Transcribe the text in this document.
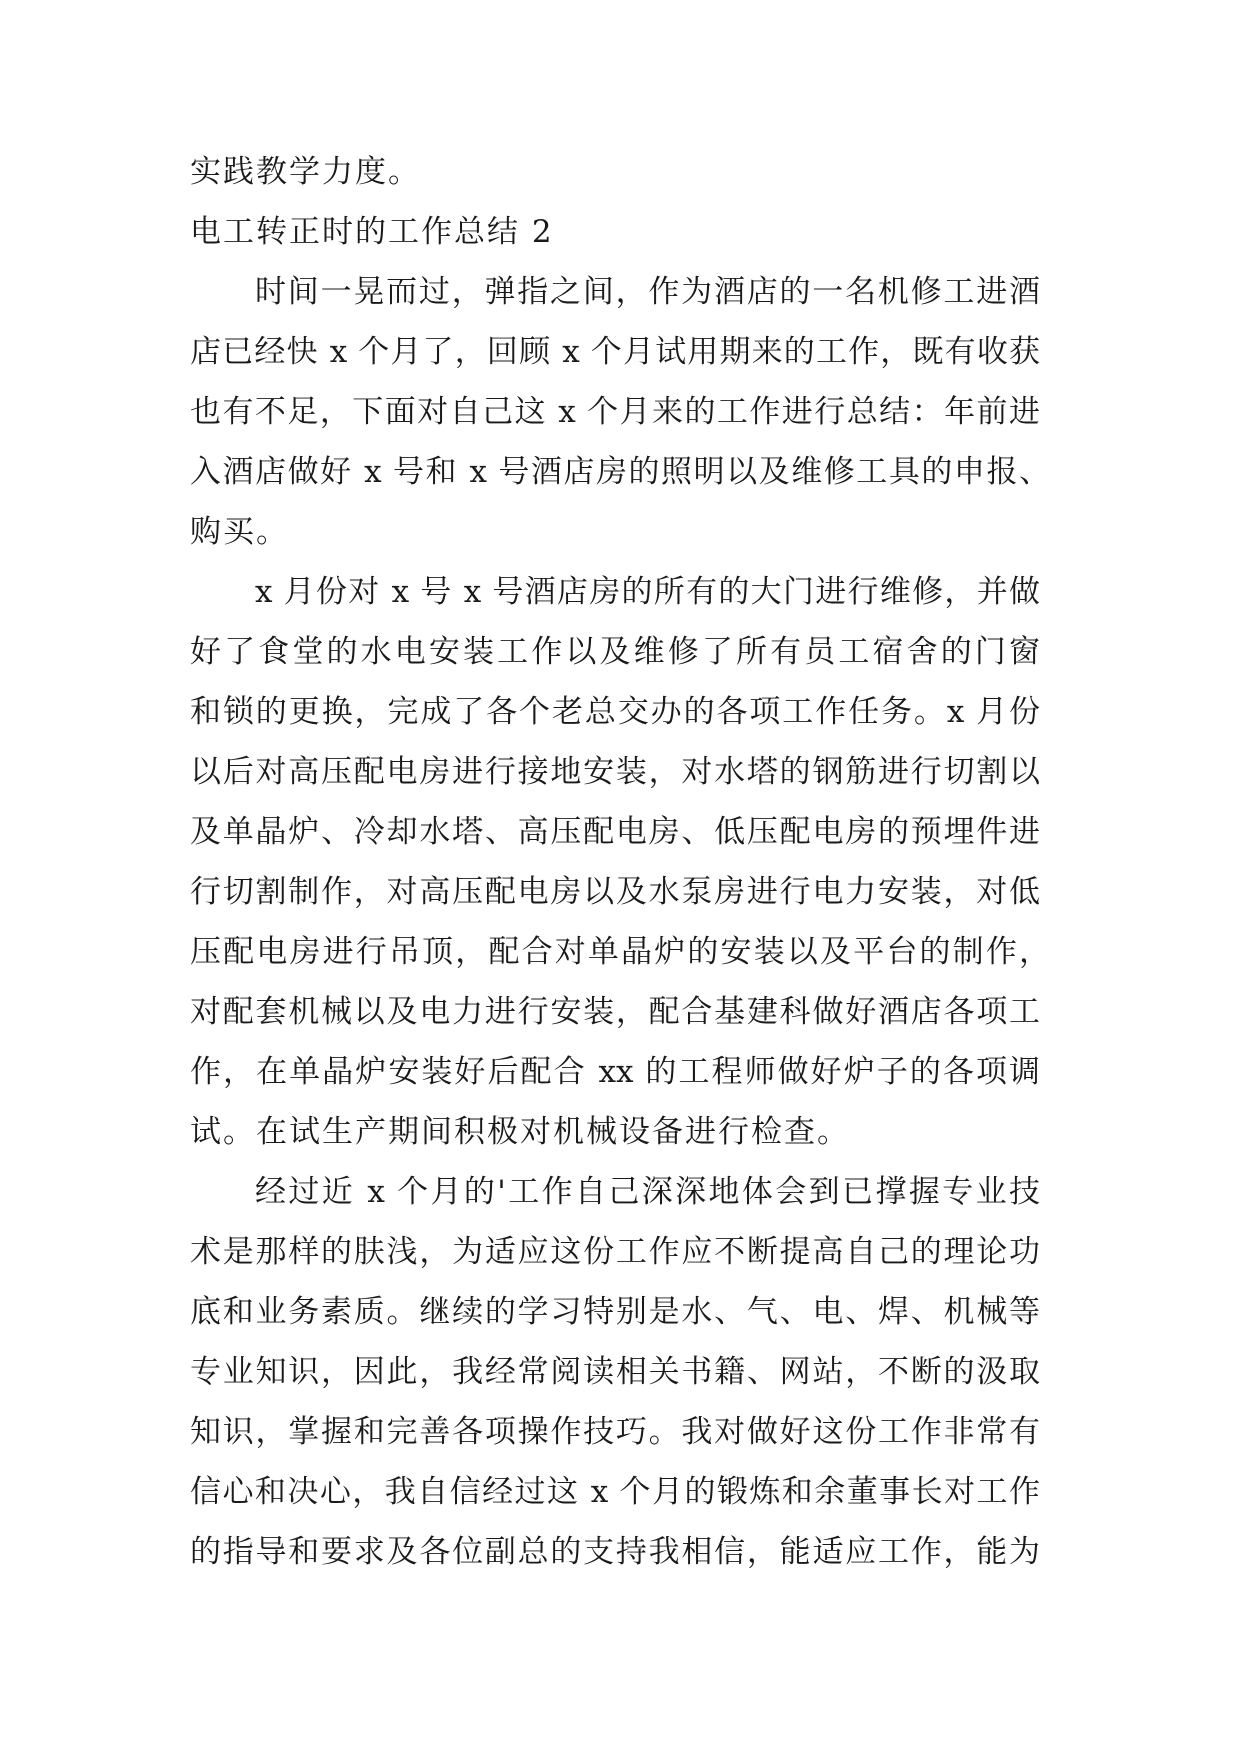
实践教学力度。
电工转正时的工作总结 2
时间一晃而过，弹指之间，作为酒店的一名机修工进酒
店已经快 x 个月了，回顾 x 个月试用期来的工作，既有收获
也有不足，下面对自己这 x 个月来的工作进行总结：年前进
入酒店做好 x 号和 x 号酒店房的照明以及维修工具的申报、
购买。
x 月份对 x 号 x 号酒店房的所有的大门进行维修，并做
好了食堂的水电安装工作以及维修了所有员工宿舍的门窗
和锁的更换，完成了各个老总交办的各项工作任务。x 月份
以后对高压配电房进行接地安装，对水塔的钢筋进行切割以
及单晶炉、冷却水塔、高压配电房、低压配电房的预埋件进
行切割制作，对高压配电房以及水泵房进行电力安装，对低
压配电房进行吊顶，配合对单晶炉的安装以及平台的制作，
对配套机械以及电力进行安装，配合基建科做好酒店各项工
作，在单晶炉安装好后配合 xx 的工程师做好炉子的各项调
试。在试生产期间积极对机械设备进行检查。
经过近 x 个月的'工作自己深深地体会到已撑握专业技
术是那样的肤浅，为适应这份工作应不断提高自己的理论功
底和业务素质。继续的学习特别是水、气、电、焊、机械等
专业知识，因此，我经常阅读相关书籍、网站，不断的汲取
知识，掌握和完善各项操作技巧。我对做好这份工作非常有
信心和决心，我自信经过这 x 个月的锻炼和余董事长对工作
的指导和要求及各位副总的支持我相信，能适应工作，能为
